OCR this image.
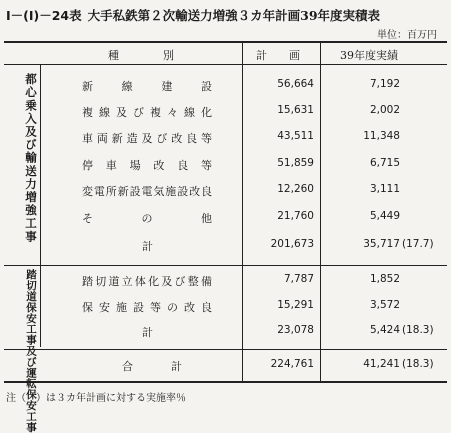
Ⅰ－(Ⅰ)－24表 大手私鉄第２次輸送力増強３カ年計画39年度実積表
単位：百万円
種　　　　別	計　　画	39年度実績
都心乗入及び輸送力増強工事	新線建設	56,664	7,192
複線及び複々線化	15,631	2,002
車両新造及び改良等	43,511	11,348
停車場改良等	51,859	6,715
変電所新設電気施設改良	12,260	3,111
その他	21,760	5,449
計	201,673	35,717 (17.7)
踏切道保安工事及び運転保安工事	踏切道立体化及び整備	7,787	1,852
保安施設等の改良	15,291	3,572
計	23,078	5,424 (18.3)
合　　計	224,761	41,241 (18.3)
注（　）は３カ年計画に対する実施率％
